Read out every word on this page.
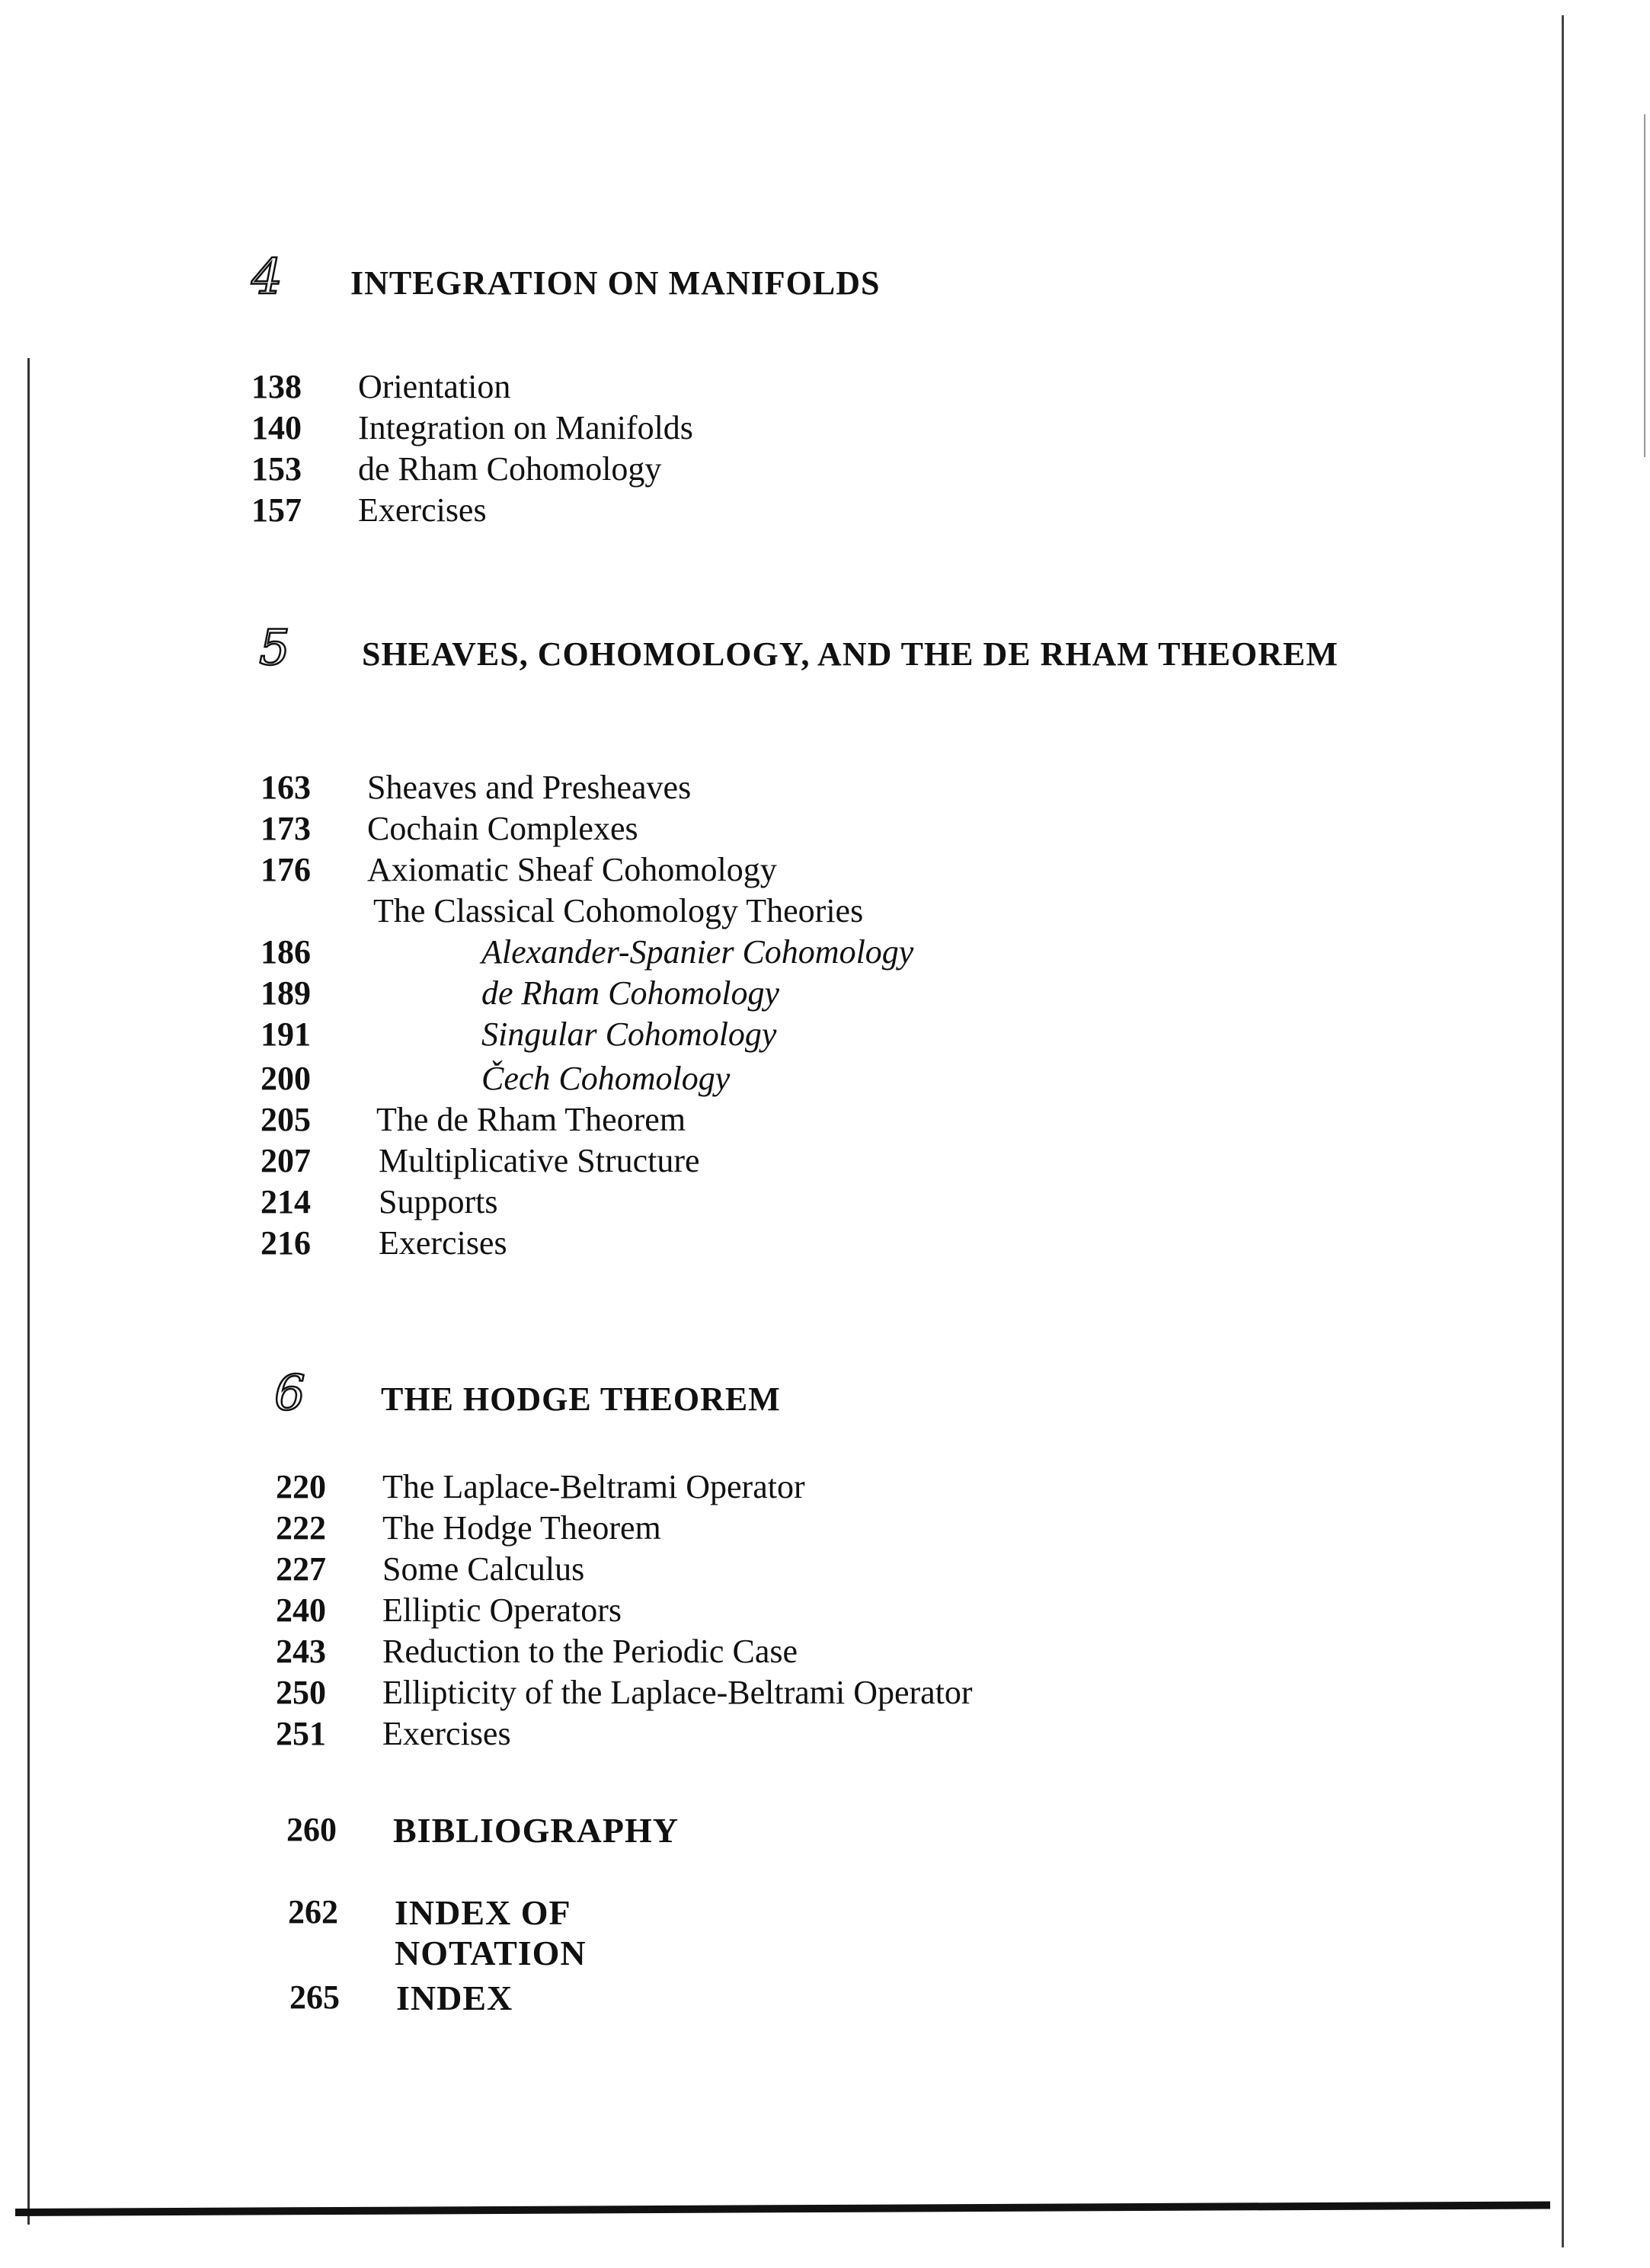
4 INTEGRATION ON MANIFOLDS
138	Orientation
140	Integration on Manifolds
153	de Rham Cohomology
157	Exercises
5 SHEAVES, COHOMOLOGY, AND THE DE RHAM THEOREM
163	Sheaves and Presheaves
173	Cochain Complexes
176	Axiomatic Sheaf Cohomology
The Classical Cohomology Theories
186	Alexander-Spanier Cohomology
189	de Rham Cohomology
191	Singular Cohomology
200	Čech Cohomology
205	The de Rham Theorem
207	Multiplicative Structure
214	Supports
216	Exercises
6 THE HODGE THEOREM
220	The Laplace-Beltrami Operator
222	The Hodge Theorem
227	Some Calculus
240	Elliptic Operators
243	Reduction to the Periodic Case
250	Ellipticity of the Laplace-Beltrami Operator
251	Exercises
260 BIBLIOGRAPHY
262 INDEX OF NOTATION
265 INDEX
